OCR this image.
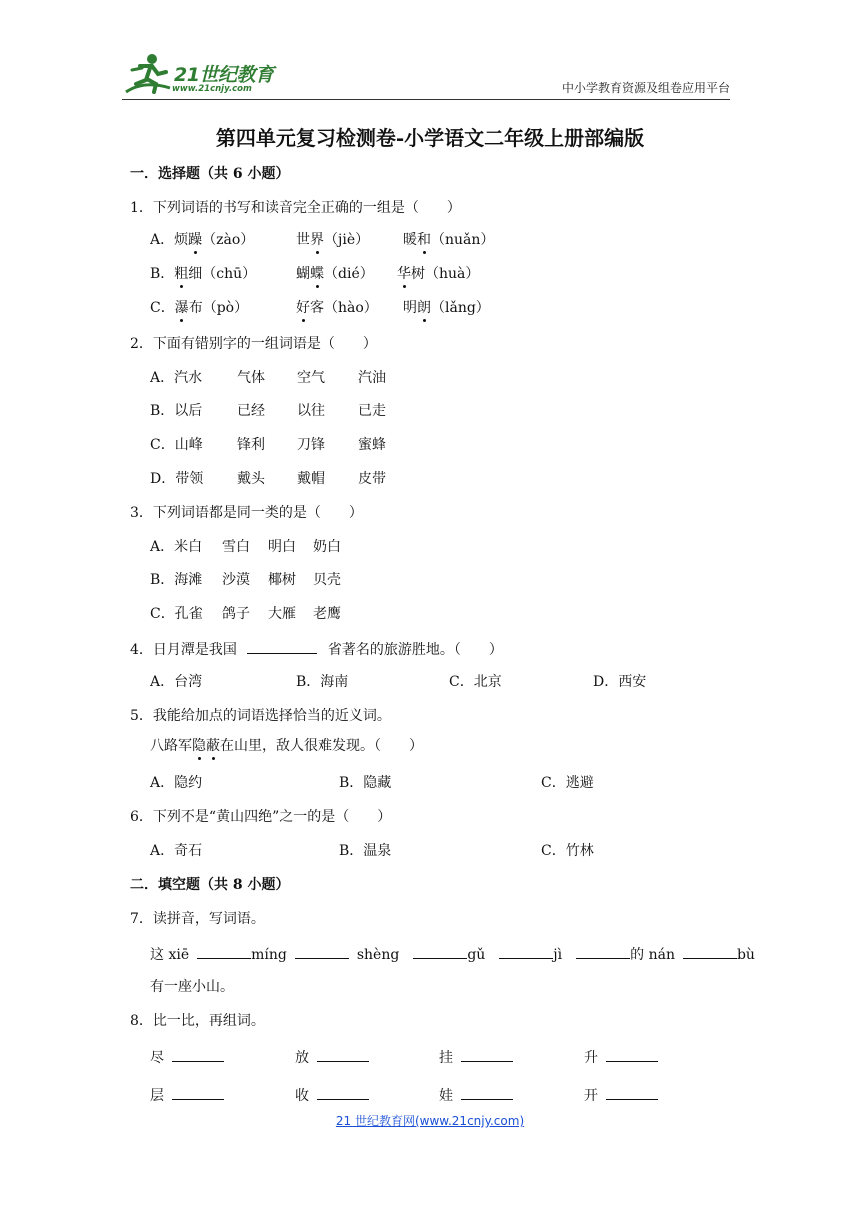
21世纪教育
www.21cnjy.com	中小学教育资源及组卷应用平台
第四单元复习检测卷-小学语文二年级上册部编版
一．选择题（共 6 小题）
1．下列词语的书写和读音完全正确的一组是（　　）
A．烦躁（zào）	世界（jiè） 暖和（nuǎn）
B．粗细（chū）	蝴蝶（dié） 华树（huà）
C．瀑布（pò）	好客（hào） 明朗（lǎng）
2．下面有错别字的一组词语是（　　）
A．汽水 气体 空气 汽油
B．以后 已经 以往 已走
C．山峰 锋利 刀锋 蜜蜂
D．带领 戴头 戴帽 皮带
3．下列词语都是同一类的是（　　）
A．米白 雪白 明白 奶白
B．海滩 沙漠 椰树 贝壳
C．孔雀 鸽子 大雁 老鹰
4．日月潭是我国	省著名的旅游胜地。（　　）
A．台湾	B．海南	C．北京	D．西安
5．我能给加点的词语选择恰当的近义词。
八路军隐蔽在山里，敌人很难发现。（　　）
A．隐约	B．隐藏	C．逃避
6．下列不是“黄山四绝”之一的是（　　）
A．奇石	B．温泉	C．竹林
二．填空题（共 8 小题）
7．读拼音，写词语。
这 xiē	míng	shèng	gǔ	jì	的 nán	bù
有一座小山。
8．比一比，再组词。
尽	放	挂	升
层	收	娃	开
21 世纪教育网(www.21cnjy.com)
